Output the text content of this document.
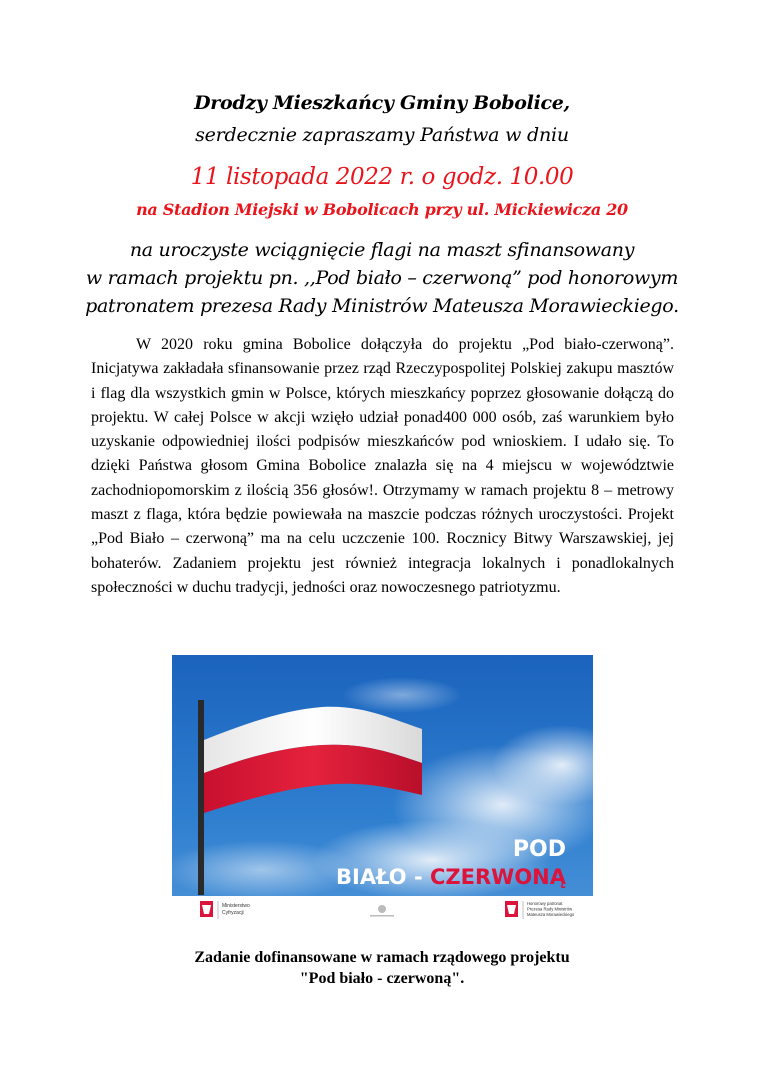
Drodzy Mieszkańcy Gminy Bobolice,
serdecznie zapraszamy Państwa w dniu
11 listopada 2022 r. o godz. 10.00
na Stadion Miejski w Bobolicach przy ul. Mickiewicza 20

na uroczyste wciągnięcie flagi na maszt sfinansowany

w ramach projektu pn. ,,Pod biało – czerwoną” pod honorowym

patronatem prezesa Rady Ministrów Mateusza Morawieckiego.

W 2020 roku gmina Bobolice dołączyła do projektu „Pod biało-czerwoną”. Inicjatywa zakładała sfinansowanie przez rząd Rzeczypospolitej Polskiej zakupu masztów i flag dla wszystkich gmin w Polsce, których mieszkańcy poprzez głosowanie dołączą do projektu. W całej Polsce w akcji wzięło udział ponad400 000 osób, zaś warunkiem było uzyskanie odpowiedniej ilości podpisów mieszkańców pod wnioskiem. I udało się. To dzięki Państwa głosom Gmina Bobolice znalazła się na 4 miejscu w województwie zachodniopomorskim z ilością 356 głosów!. Otrzymamy w ramach projektu 8 – metrowy maszt z flaga, która będzie powiewała na maszcie podczas różnych uroczystości. Projekt „Pod Biało – czerwoną” ma na celu uczczenie 100. Rocznicy Bitwy Warszawskiej, jej bohaterów. Zadaniem projektu jest również integracja lokalnych i ponadlokalnych społeczności w duchu tradycji, jedności oraz nowoczesnego patriotyzmu.

Ministerstwo
Cyfryzacji
Honorowy patronat
Prezesa Rady Ministrów
Mateusza Morawieckiego
POD
BIAŁO - CZERWONĄ
Zadanie dofinansowane w ramach rządowego projektu
"Pod biało - czerwoną".
